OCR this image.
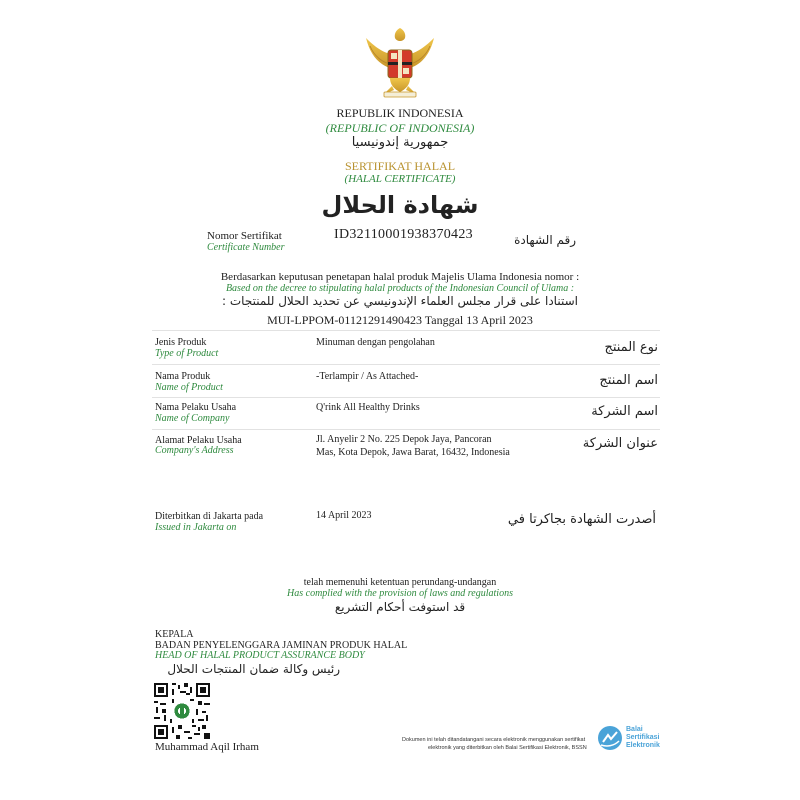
REPUBLIK INDONESIA
(REPUBLIC OF INDONESIA)
جمهورية إندونيسيا
SERTIFIKAT HALAL
(HALAL CERTIFICATE)
شهادة الحلال
Nomor Sertifikat
Certificate Number
ID32110001938370423	رقم الشهادة
Berdasarkan keputusan penetapan halal produk Majelis Ulama Indonesia nomor :
Based on the decree to stipulating halal products of the Indonesian Council of Ulama :
استنادا على قرار مجلس العلماء الإندونيسي عن تحديد الحلال للمنتجات :
MUI-LPPOM-01121291490423 Tanggal 13 April 2023
Jenis Produk
Type of Product
Minuman dengan pengolahan	نوع المنتج
Nama Produk
Name of Product
-Terlampir / As Attached-	اسم المنتج
Nama Pelaku Usaha
Name of Company
Q'rink All Healthy Drinks	اسم الشركة
Alamat Pelaku Usaha
Company's Address
Jl. Anyelir 2 No. 225 Depok Jaya, Pancoran
Mas, Kota Depok, Jawa Barat, 16432, Indonesia
عنوان الشركة
Diterbitkan di Jakarta pada
Issued in Jakarta on
14 April 2023	أصدرت الشهادة بجاكرتا في
telah memenuhi ketentuan perundang-undangan
Has complied with the provision of laws and regulations
قد استوفت أحكام التشريع
KEPALA
BADAN PENYELENGGARA JAMINAN PRODUK HALAL
HEAD OF HALAL PRODUCT ASSURANCE BODY
رئيس وكالة ضمان المنتجات الحلال
Muhammad Aqil Irham
Dokumen ini telah ditandatangani secara elektronik menggunakan sertifikat
elektronik yang diterbitkan oleh Balai Sertifikasi Elektronik, BSSN
Balai
Sertifikasi
Elektronik
